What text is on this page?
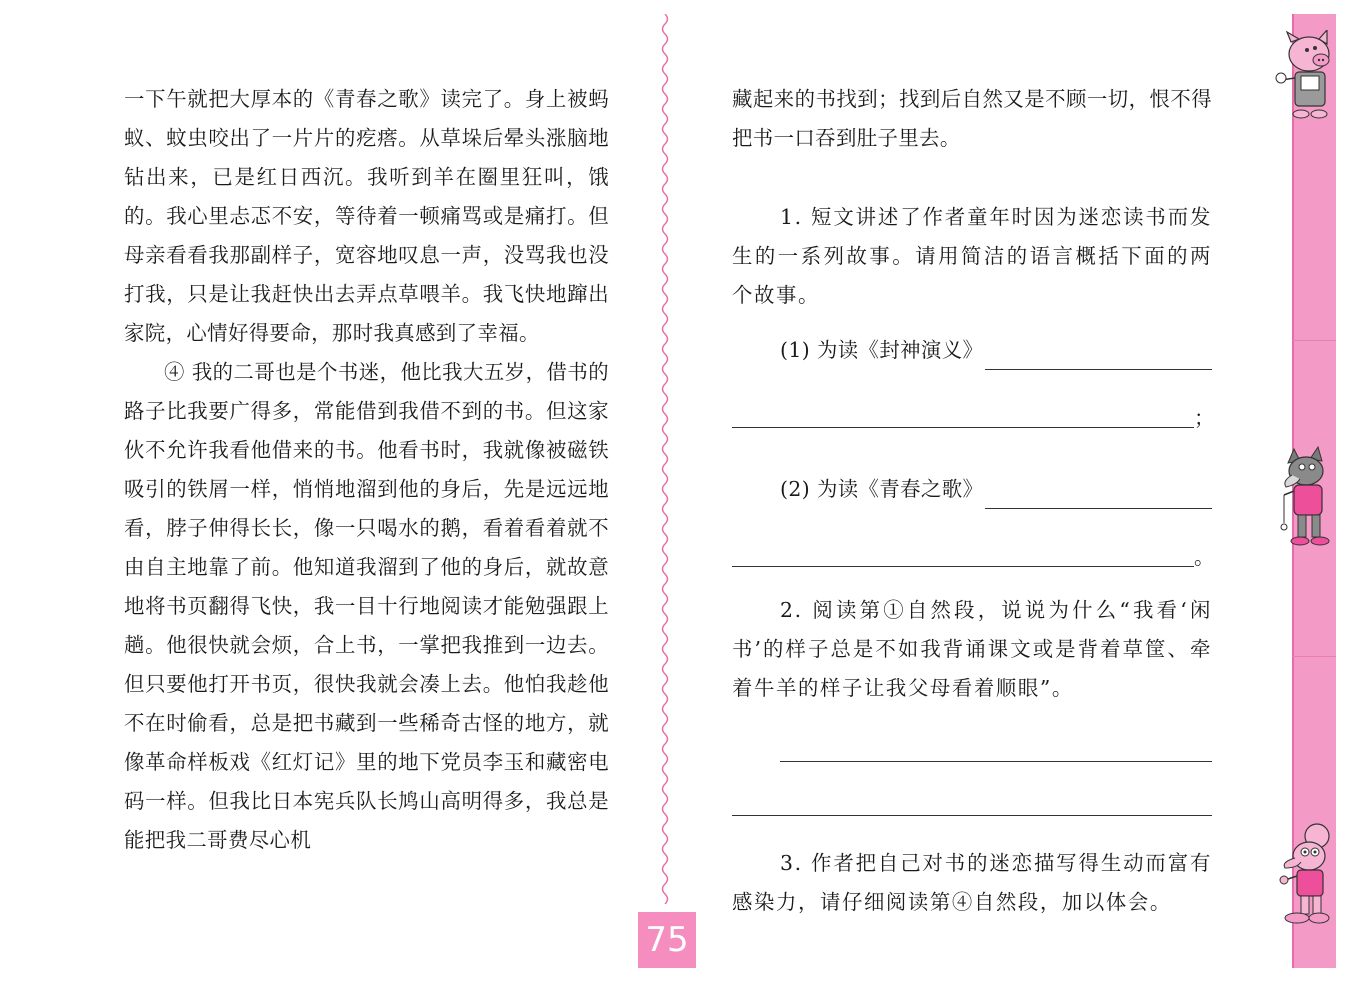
一下午就把大厚本的《青春之歌》读完了。身上被蚂蚁、蚊虫咬出了一片片的疙瘩。从草垛后晕头涨脑地钻出来，已是红日西沉。我听到羊在圈里狂叫，饿的。我心里忐忑不安，等待着一顿痛骂或是痛打。但母亲看看我那副样子，宽容地叹息一声，没骂我也没打我，只是让我赶快出去弄点草喂羊。我飞快地蹿出家院，心情好得要命，那时我真感到了幸福。

④ 我的二哥也是个书迷，他比我大五岁，借书的路子比我要广得多，常能借到我借不到的书。但这家伙不允许我看他借来的书。他看书时，我就像被磁铁吸引的铁屑一样，悄悄地溜到他的身后，先是远远地看，脖子伸得长长，像一只喝水的鹅，看着看着就不由自主地靠了前。他知道我溜到了他的身后，就故意地将书页翻得飞快，我一目十行地阅读才能勉强跟上趟。他很快就会烦，合上书，一掌把我推到一边去。但只要他打开书页，很快我就会凑上去。他怕我趁他不在时偷看，总是把书藏到一些稀奇古怪的地方，就像革命样板戏《红灯记》里的地下党员李玉和藏密电码一样。但我比日本宪兵队长鸠山高明得多，我总是能把我二哥费尽心机

75

藏起来的书找到；找到后自然又是不顾一切，恨不得把书一口吞到肚子里去。

1. 短文讲述了作者童年时因为迷恋读书而发生的一系列故事。请用简洁的语言概括下面的两个故事。

(1) 为读《封神演义》
；
(2) 为读《青春之歌》
。

2. 阅读第①自然段，说说为什么“我看‘闲书’的样子总是不如我背诵课文或是背着草筐、牵着牛羊的样子让我父母看着顺眼”。

3. 作者把自己对书的迷恋描写得生动而富有感染力，请仔细阅读第④自然段，加以体会。
